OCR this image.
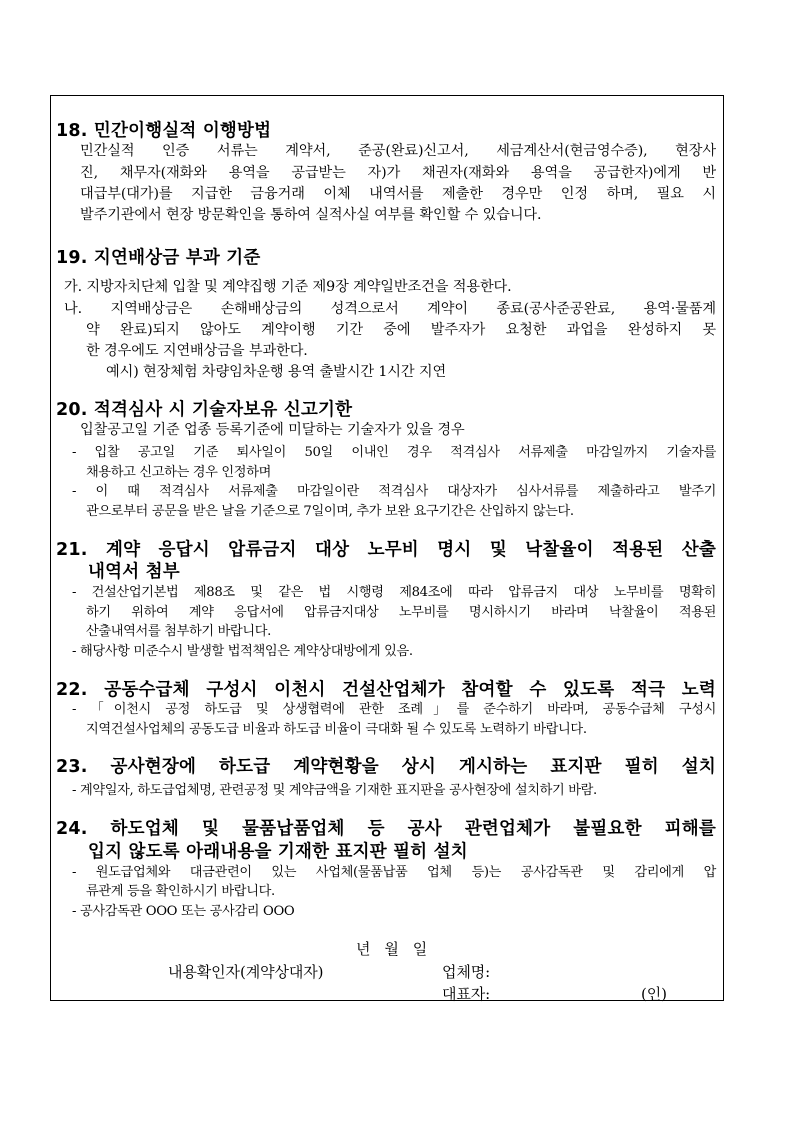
18. 민간이행실적 이행방법
민간실적 인증 서류는 계약서, 준공(완료)신고서, 세금계산서(현금영수증), 현장사
진, 채무자(재화와 용역을 공급받는 자)가 채권자(재화와 용역을 공급한자)에게 반
대급부(대가)를 지급한 금융거래 이체 내역서를 제출한 경우만 인정 하며, 필요 시
발주기관에서 현장 방문확인을 통하여 실적사실 여부를 확인할 수 있습니다.
19. 지연배상금 부과 기준
가. 지방자치단체 입찰 및 계약집행 기준 제9장 계약일반조건을 적용한다.
나. 지역배상금은 손해배상금의 성격으로서 계약이 종료(공사준공완료, 용역·물품계
약 완료)되지 않아도 계약이행 기간 중에 발주자가 요청한 과업을 완성하지 못
한 경우에도 지연배상금을 부과한다.
예시) 현장체험 차량임차운행 용역 출발시간 1시간 지연
20. 적격심사 시 기술자보유 신고기한
입찰공고일 기준 업종 등록기준에 미달하는 기술자가 있을 경우
- 입찰 공고일 기준 퇴사일이 50일 이내인 경우 적격심사 서류제출 마감일까지 기술자를
채용하고 신고하는 경우 인정하며
- 이 때 적격심사 서류제출 마감일이란 적격심사 대상자가 심사서류를 제출하라고 발주기
관으로부터 공문을 받은 날을 기준으로 7일이며, 추가 보완 요구기간은 산입하지 않는다.
21. 계약 응답시 압류금지 대상 노무비 명시 및 낙찰율이 적용된 산출
내역서 첨부
- 건설산업기본법 제88조 및 같은 법 시행령 제84조에 따라 압류금지 대상 노무비를 명확히
하기 위하여 계약 응답서에 압류금지대상 노무비를 명시하시기 바라며 낙찰율이 적용된
산출내역서를 첨부하기 바랍니다.
- 해당사항 미준수시 발생할 법적책임은 계약상대방에게 있음.
22. 공동수급체 구성시 이천시 건설산업체가 참여할 수 있도록 적극 노력
- 「이천시 공정 하도급 및 상생협력에 관한 조례」를 준수하기 바라며, 공동수급체 구성시
지역건설사업체의 공동도급 비율과 하도급 비율이 극대화 될 수 있도록 노력하기 바랍니다.
23. 공사현장에 하도급 계약현황을 상시 게시하는 표지판 필히 설치
- 계약일자, 하도급업체명, 관련공정 및 계약금액을 기재한 표지판을 공사현장에 설치하기 바람.
24. 하도업체 및 물품납품업체 등 공사 관련업체가 불필요한 피해를
입지 않도록 아래내용을 기재한 표지판 필히 설치
- 원도급업체와 대금관련이 있는 사업체(물품납품 업체 등)는 공사감독관 및 감리에게 압
류관계 등을 확인하시기 바랍니다.
- 공사감독관 OOO 또는 공사감리 OOO
년   월   일
내용확인자(계약상대자)	업체명:
대표자:	(인)
